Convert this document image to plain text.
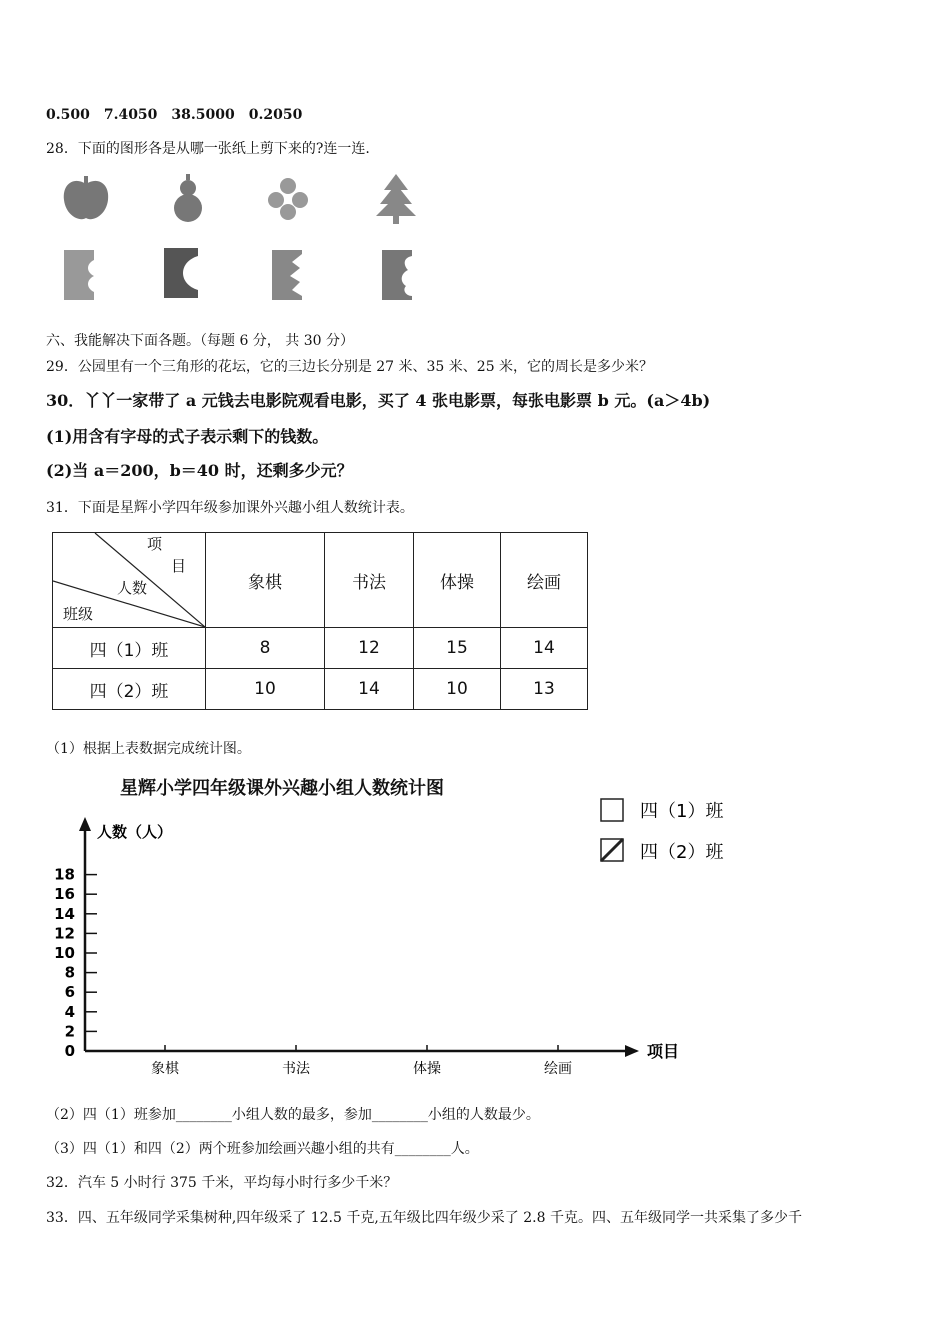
0.500　7.4050　38.5000　0.2050
28．下面的图形各是从哪一张纸上剪下来的?连一连.
六、我能解决下面各题。（每题 6 分， 共 30 分）
29．公园里有一个三角形的花坛，它的三边长分别是 27 米、35 米、25 米，它的周长是多少米？
30．丫丫一家带了 a 元钱去电影院观看电影，买了 4 张电影票，每张电影票 b 元。(a＞4b)
(1)用含有字母的式子表示剩下的钱数。
(2)当 a＝200，b＝40 时，还剩多少元？
31．下面是星辉小学四年级参加课外兴趣小组人数统计表。
项
目
人数
班级	象棋	书法	体操	绘画
四（1）班	8	12	15	14
四（2）班	10	14	10	13
（1）根据上表数据完成统计图。
星辉小学四年级课外兴趣小组人数统计图
四（1）班
四（2）班
人数（人）
项目
0
2
4
6
8
10
12
14
16
18
象棋	书法	体操	绘画
（2）四（1）班参加________小组人数的最多，参加________小组的人数最少。
（3）四（1）和四（2）两个班参加绘画兴趣小组的共有________人。
32．汽车 5 小时行 375 千米，平均每小时行多少千米？
33．四、五年级同学采集树种,四年级采了 12.5 千克,五年级比四年级少采了 2.8 千克。四、五年级同学一共采集了多少千
